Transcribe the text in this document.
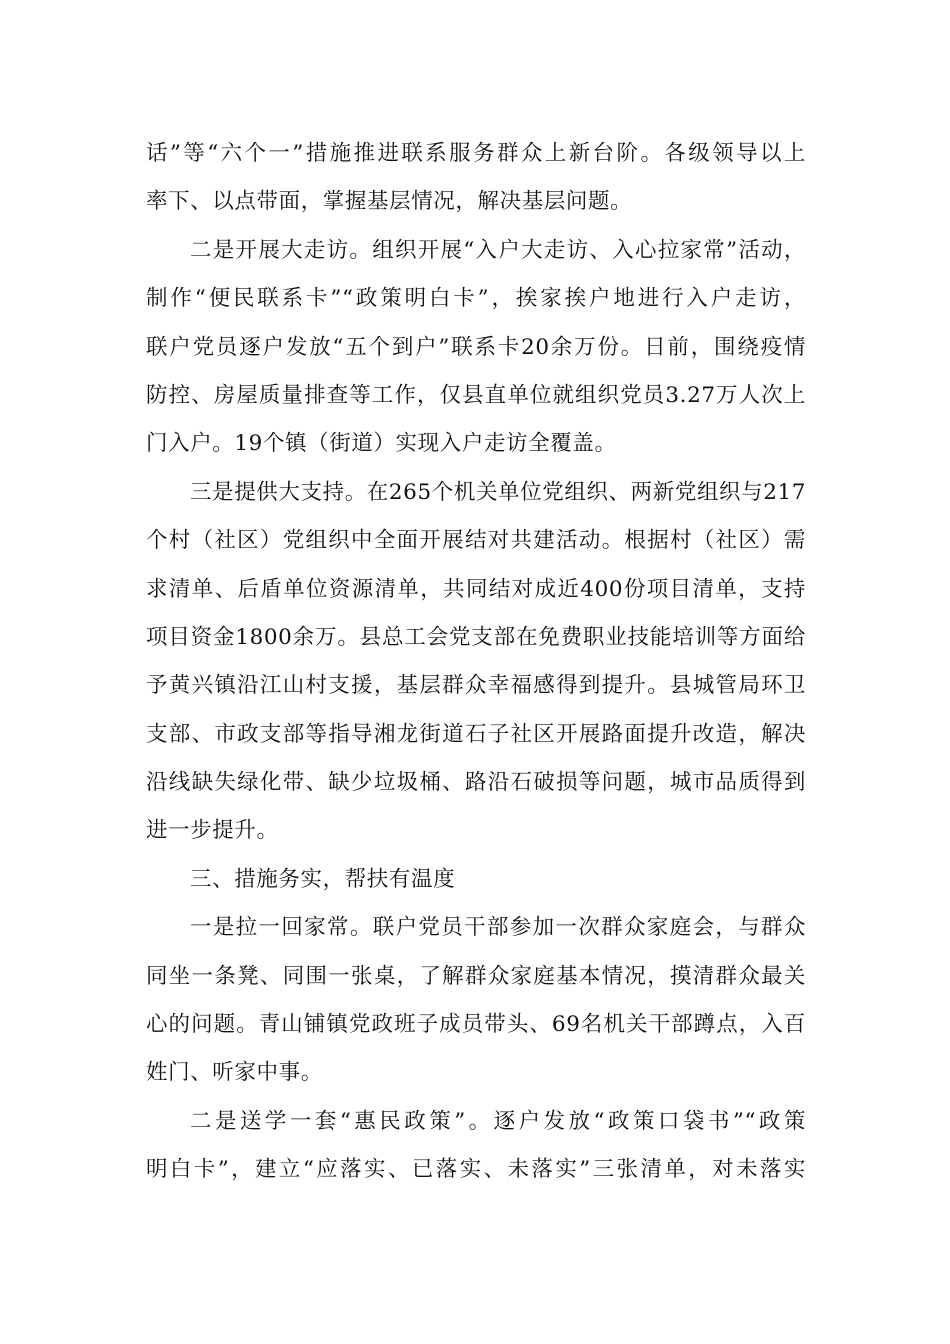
话”等“六个一”措施推进联系服务群众上新台阶。各级领导以上
率下、以点带面，掌握基层情况，解决基层问题。
二是开展大走访。组织开展“入户大走访、入心拉家常”活动，
制作“便民联系卡”“政策明白卡”，挨家挨户地进行入户走访，
联户党员逐户发放“五个到户”联系卡20余万份。日前，围绕疫情
防控、房屋质量排查等工作，仅县直单位就组织党员3.27万人次上
门入户。19个镇（街道）实现入户走访全覆盖。
三是提供大支持。在265个机关单位党组织、两新党组织与217
个村（社区）党组织中全面开展结对共建活动。根据村（社区）需
求清单、后盾单位资源清单，共同结对成近400份项目清单，支持
项目资金1800余万。县总工会党支部在免费职业技能培训等方面给
予黄兴镇沿江山村支援，基层群众幸福感得到提升。县城管局环卫
支部、市政支部等指导湘龙街道石子社区开展路面提升改造，解决
沿线缺失绿化带、缺少垃圾桶、路沿石破损等问题，城市品质得到
进一步提升。
三、措施务实，帮扶有温度
一是拉一回家常。联户党员干部参加一次群众家庭会，与群众
同坐一条凳、同围一张桌，了解群众家庭基本情况，摸清群众最关
心的问题。青山铺镇党政班子成员带头、69名机关干部蹲点，入百
姓门、听家中事。
二是送学一套“惠民政策”。逐户发放“政策口袋书”“政策
明白卡”，建立“应落实、已落实、未落实”三张清单，对未落实
